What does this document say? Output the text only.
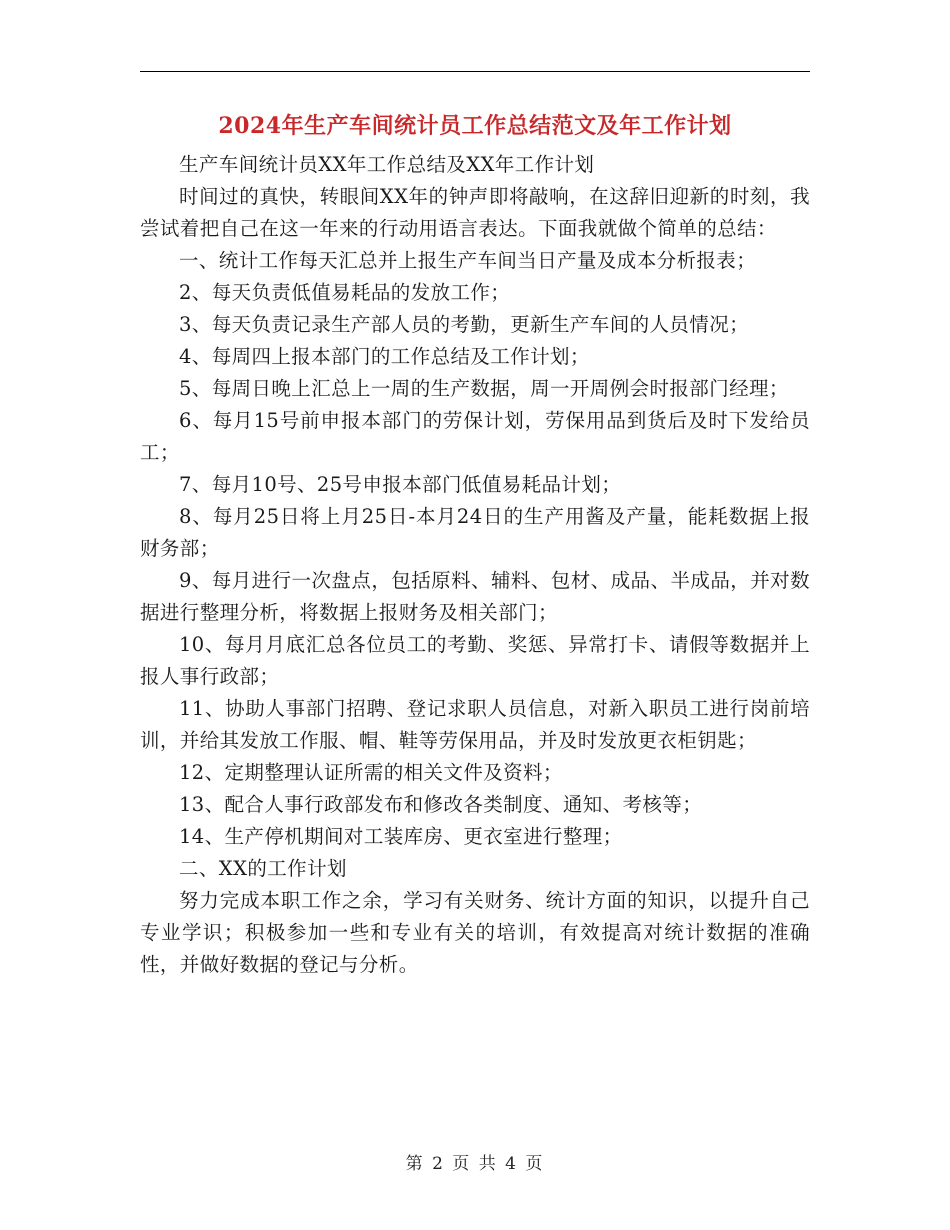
2024年生产车间统计员工作总结范文及年工作计划

生产车间统计员XX年工作总结及XX年工作计划

时间过的真快，转眼间XX年的钟声即将敲响，在这辞旧迎新的时刻，我尝试着把自己在这一年来的行动用语言表达。下面我就做个简单的总结：

一、统计工作每天汇总并上报生产车间当日产量及成本分析报表；

2、每天负责低值易耗品的发放工作；

3、每天负责记录生产部人员的考勤，更新生产车间的人员情况；

4、每周四上报本部门的工作总结及工作计划；

5、每周日晚上汇总上一周的生产数据，周一开周例会时报部门经理；

6、每月15号前申报本部门的劳保计划，劳保用品到货后及时下发给员工；

7、每月10号、25号申报本部门低值易耗品计划；

8、每月25日将上月25日-本月24日的生产用酱及产量，能耗数据上报财务部；

9、每月进行一次盘点，包括原料、辅料、包材、成品、半成品，并对数据进行整理分析，将数据上报财务及相关部门；

10、每月月底汇总各位员工的考勤、奖惩、异常打卡、请假等数据并上报人事行政部；

11、协助人事部门招聘、登记求职人员信息，对新入职员工进行岗前培训，并给其发放工作服、帽、鞋等劳保用品，并及时发放更衣柜钥匙；

12、定期整理认证所需的相关文件及资料；

13、配合人事行政部发布和修改各类制度、通知、考核等；

14、生产停机期间对工装库房、更衣室进行整理；

二、XX的工作计划

努力完成本职工作之余，学习有关财务、统计方面的知识，以提升自己专业学识；积极参加一些和专业有关的培训，有效提高对统计数据的准确性，并做好数据的登记与分析。

第 2 页 共 4 页
